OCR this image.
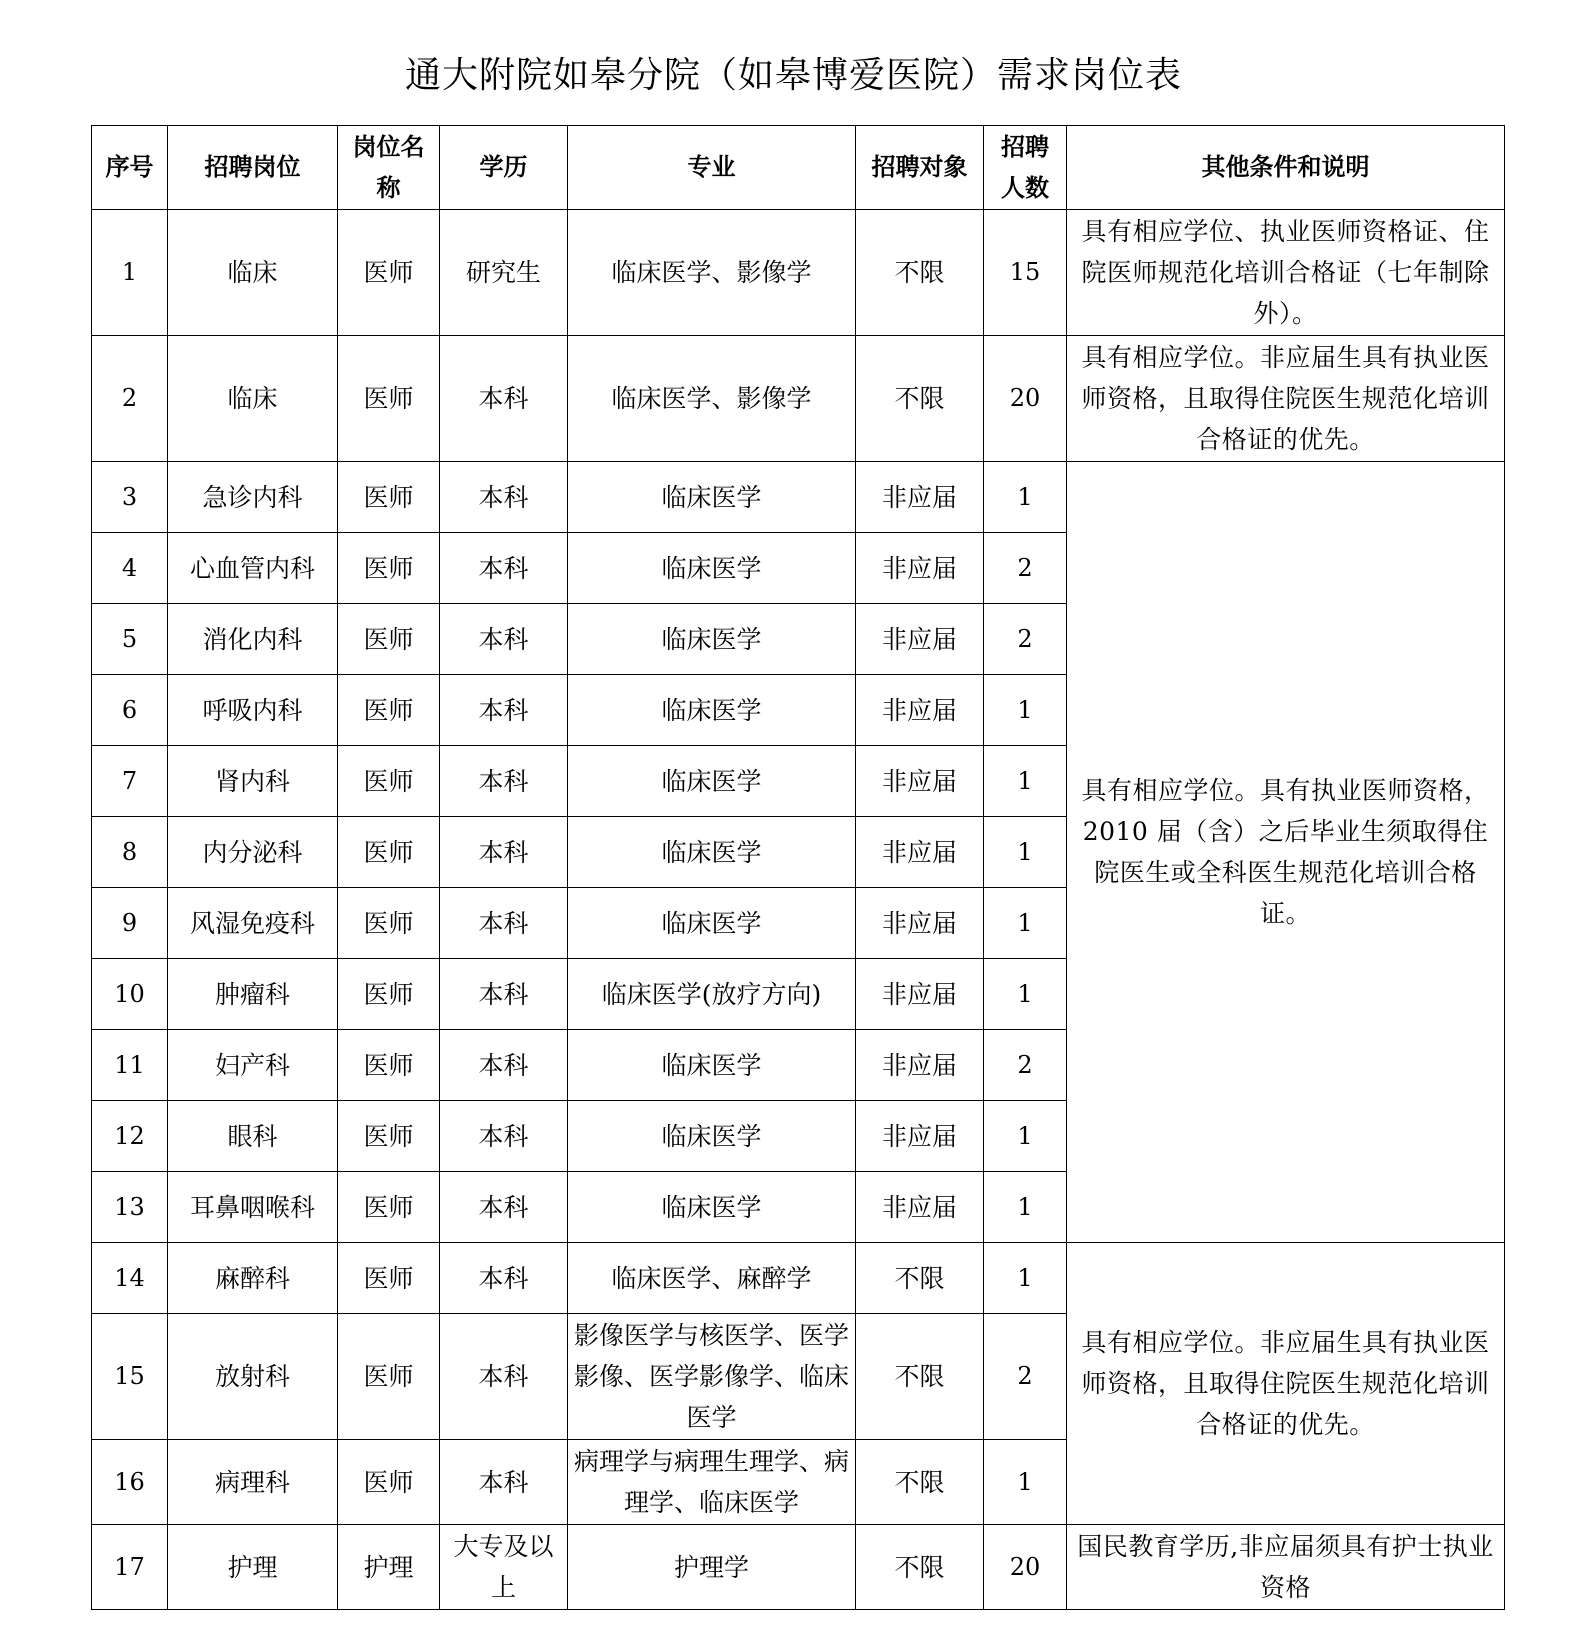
通大附院如皋分院（如皋博爱医院）需求岗位表
序号	招聘岗位	岗位名称	学历	专业	招聘对象	招聘人数	其他条件和说明
1	临床	医师	研究生	临床医学、影像学	不限	15	具有相应学位、执业医师资格证、住院医师规范化培训合格证（七年制除外）。
2	临床	医师	本科	临床医学、影像学	不限	20	具有相应学位。非应届生具有执业医师资格，且取得住院医生规范化培训合格证的优先。
3	急诊内科	医师	本科	临床医学	非应届	1	具有相应学位。具有执业医师资格，2010 届（含）之后毕业生须取得住院医生或全科医生规范化培训合格证。
4	心血管内科	医师	本科	临床医学	非应届	2	
5	消化内科	医师	本科	临床医学	非应届	2	
6	呼吸内科	医师	本科	临床医学	非应届	1	
7	肾内科	医师	本科	临床医学	非应届	1	
8	内分泌科	医师	本科	临床医学	非应届	1	
9	风湿免疫科	医师	本科	临床医学	非应届	1	
10	肿瘤科	医师	本科	临床医学(放疗方向)	非应届	1	
11	妇产科	医师	本科	临床医学	非应届	2	
12	眼科	医师	本科	临床医学	非应届	1	
13	耳鼻咽喉科	医师	本科	临床医学	非应届	1	
14	麻醉科	医师	本科	临床医学、麻醉学	不限	1	具有相应学位。非应届生具有执业医师资格，且取得住院医生规范化培训合格证的优先。
15	放射科	医师	本科	影像医学与核医学、医学影像、医学影像学、临床医学	不限	2	
16	病理科	医师	本科	病理学与病理生理学、病理学、临床医学	不限	1	
17	护理	护理	大专及以上	护理学	不限	20	国民教育学历,非应届须具有护士执业资格
